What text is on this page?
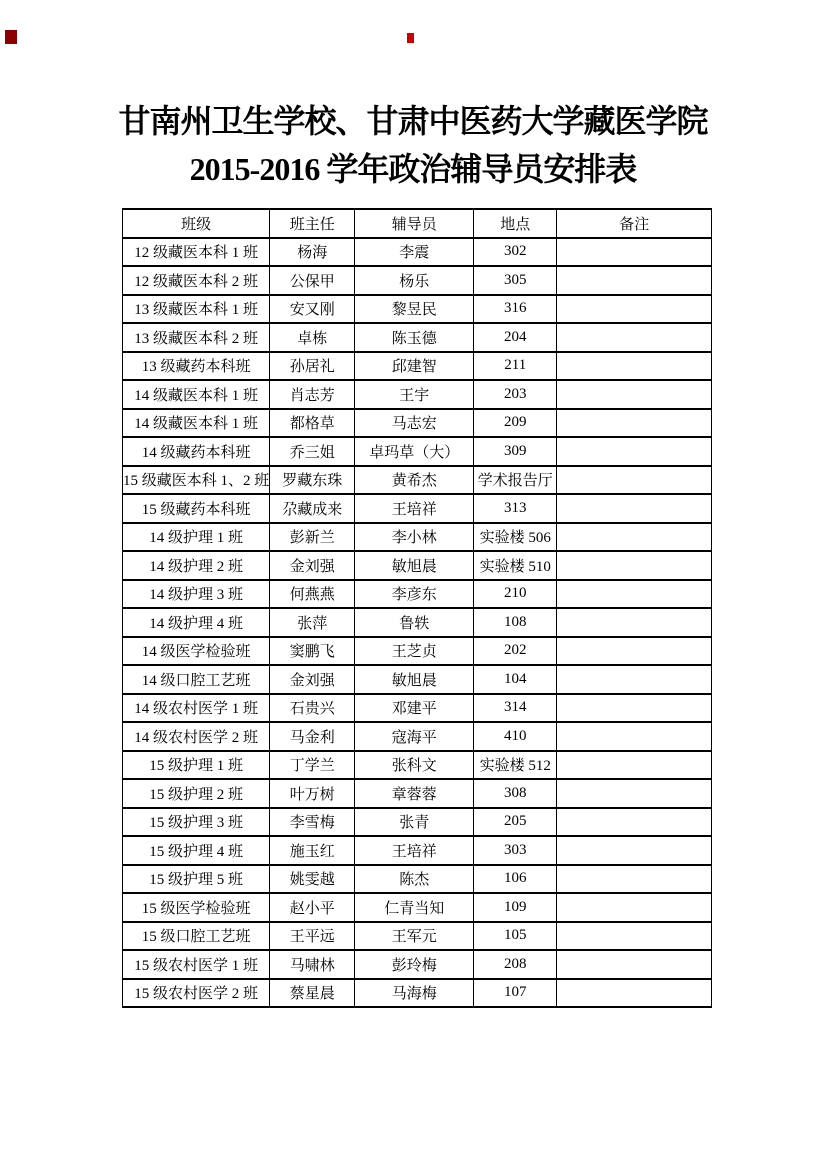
甘南州卫生学校、甘肃中医药大学藏医学院
2015-2016 学年政治辅导员安排表
班级	班主任	辅导员	地点	备注
12 级藏医本科 1 班	杨海	李震	302	
12 级藏医本科 2 班	公保甲	杨乐	305	
13 级藏医本科 1 班	安又刚	黎昱民	316	
13 级藏医本科 2 班	卓栋	陈玉德	204	
13 级藏药本科班	孙居礼	邱建智	211	
14 级藏医本科 1 班	肖志芳	王宇	203	
14 级藏医本科 1 班	都格草	马志宏	209	
14 级藏药本科班	乔三姐	卓玛草（大）	309	
15 级藏医本科 1、2 班	罗藏东珠	黄希杰	学术报告厅	
15 级藏药本科班	尕藏成来	王培祥	313	
14 级护理 1 班	彭新兰	李小林	实验楼 506	
14 级护理 2 班	金刘强	敏旭晨	实验楼 510	
14 级护理 3 班	何燕燕	李彦东	210	
14 级护理 4 班	张萍	鲁轶	108	
14 级医学检验班	窦鹏飞	王芝贞	202	
14 级口腔工艺班	金刘强	敏旭晨	104	
14 级农村医学 1 班	石贵兴	邓建平	314	
14 级农村医学 2 班	马金利	寇海平	410	
15 级护理 1 班	丁学兰	张科文	实验楼 512	
15 级护理 2 班	叶万树	章蓉蓉	308	
15 级护理 3 班	李雪梅	张青	205	
15 级护理 4 班	施玉红	王培祥	303	
15 级护理 5 班	姚雯越	陈杰	106	
15 级医学检验班	赵小平	仁青当知	109	
15 级口腔工艺班	王平远	王军元	105	
15 级农村医学 1 班	马啸林	彭玲梅	208	
15 级农村医学 2 班	蔡星晨	马海梅	107	
